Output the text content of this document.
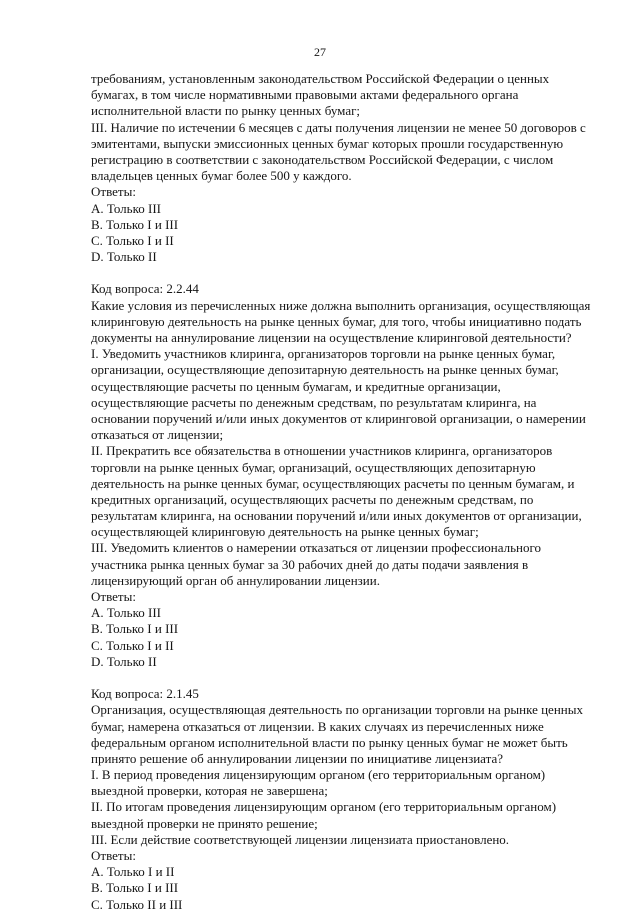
27
требованиям, установленным законодательством Российской Федерации о ценных
бумагах, в том числе нормативными правовыми актами федерального органа
исполнительной власти по рынку ценных бумаг;
III. Наличие по истечении 6 месяцев с даты получения лицензии не менее 50 договоров с
эмитентами, выпуски эмиссионных ценных бумаг которых прошли государственную
регистрацию в соответствии с законодательством Российской Федерации, с числом
владельцев ценных бумаг более 500 у каждого.
Ответы:
A. Только III
B. Только I и III
C. Только I и II
D. Только II
Код вопроса: 2.2.44
Какие условия из перечисленных ниже должна выполнить организация, осуществляющая
клиринговую деятельность на рынке ценных бумаг, для того, чтобы инициативно подать
документы на аннулирование лицензии на осуществление клиринговой деятельности?
I. Уведомить участников клиринга, организаторов торговли на рынке ценных бумаг,
организации, осуществляющие депозитарную деятельность на рынке ценных бумаг,
осуществляющие расчеты по ценным бумагам, и кредитные организации,
осуществляющие расчеты по денежным средствам, по результатам клиринга, на
основании поручений и/или иных документов от клиринговой организации, о намерении
отказаться от лицензии;
II. Прекратить все обязательства в отношении участников клиринга, организаторов
торговли на рынке ценных бумаг, организаций, осуществляющих депозитарную
деятельность на рынке ценных бумаг, осуществляющих расчеты по ценным бумагам, и
кредитных организаций, осуществляющих расчеты по денежным средствам, по
результатам клиринга, на основании поручений и/или иных документов от организации,
осуществляющей клиринговую деятельность на рынке ценных бумаг;
III. Уведомить клиентов о намерении отказаться от лицензии профессионального
участника рынка ценных бумаг за 30 рабочих дней до даты подачи заявления в
лицензирующий орган об аннулировании лицензии.
Ответы:
A. Только III
B. Только I и III
C. Только I и II
D. Только II
Код вопроса: 2.1.45
Организация, осуществляющая деятельность по организации торговли на рынке ценных
бумаг, намерена отказаться от лицензии. В каких случаях из перечисленных ниже
федеральным органом исполнительной власти по рынку ценных бумаг не может быть
принято решение об аннулировании лицензии по инициативе лицензиата?
I. В период проведения лицензирующим органом (его территориальным органом)
выездной проверки, которая не завершена;
II. По итогам проведения лицензирующим органом (его территориальным органом)
выездной проверки не принято решение;
III. Если действие соответствующей лицензии лицензиата приостановлено.
Ответы:
A. Только I и II
B. Только I и III
C. Только II и III
